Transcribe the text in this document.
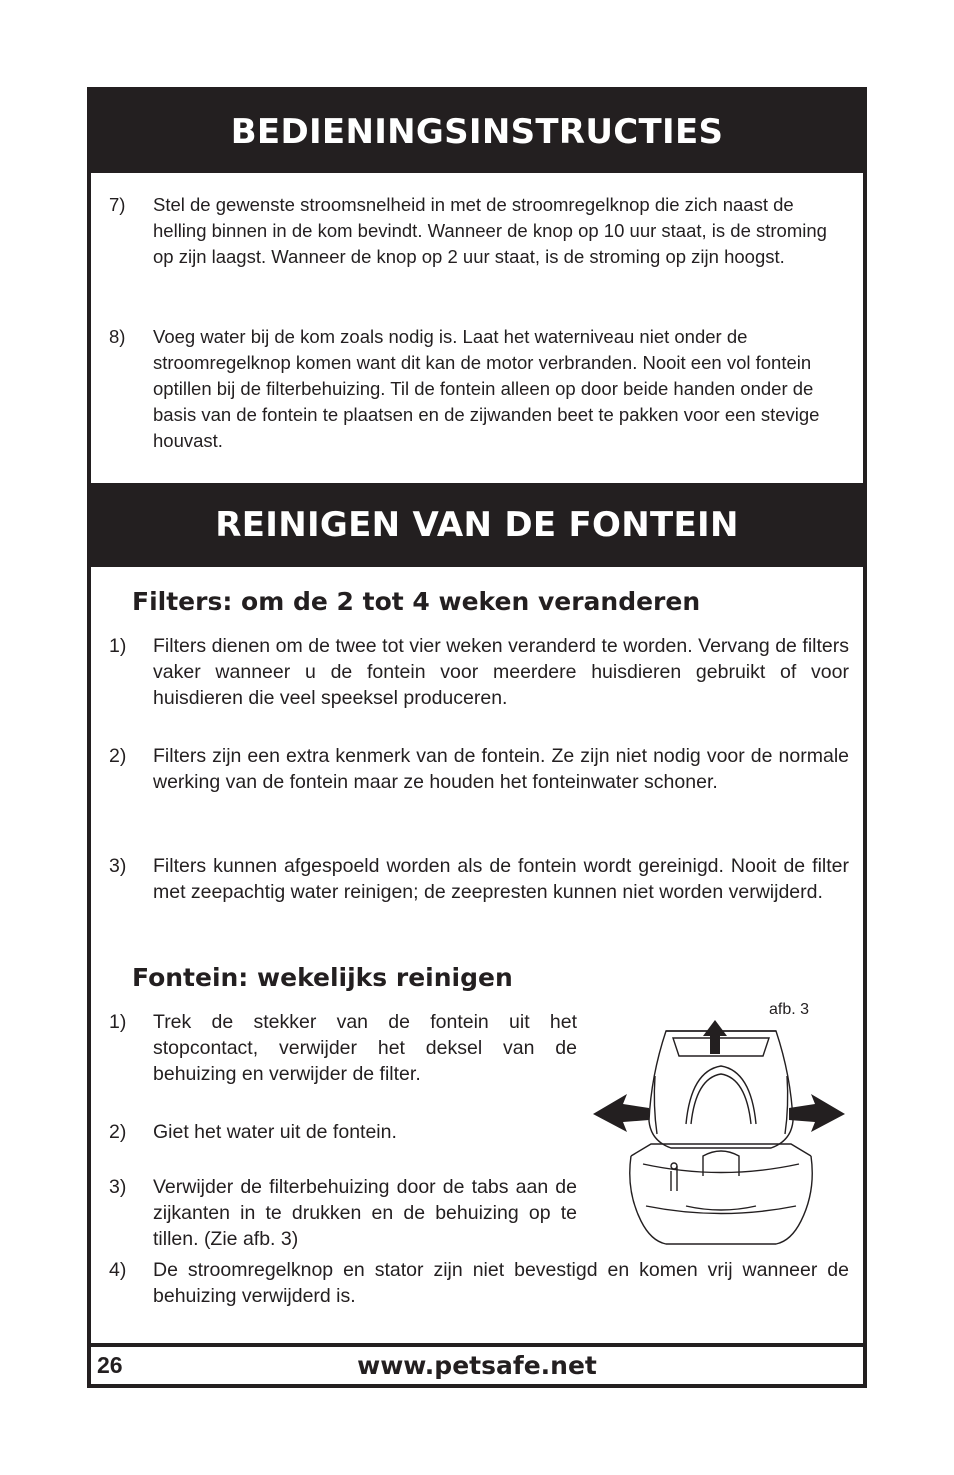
BEDIENINGSINSTRUCTIES
7)	Stel de gewenste stroomsnelheid in met de stroomregelknop die zich naast de helling binnen in de kom bevindt. Wanneer de knop op 10 uur staat, is de stroming op zijn laagst. Wanneer de knop op 2 uur staat, is de stroming op zijn hoogst.
8)	Voeg water bij de kom zoals nodig is. Laat het waterniveau niet onder de stroomregelknop komen want dit kan de motor verbranden. Nooit een vol fontein optillen bij de filterbehuizing. Til de fontein alleen op door beide handen onder de basis van de fontein te plaatsen en de zijwanden beet te pakken voor een stevige houvast.
REINIGEN VAN DE FONTEIN
Filters: om de 2 tot 4 weken veranderen
1)	Filters dienen om de twee tot vier weken veranderd te worden. Vervang de filters vaker wanneer u de fontein voor meerdere huisdieren gebruikt of voor huisdieren die veel speeksel produceren.
2)	Filters zijn een extra kenmerk van de fontein. Ze zijn niet nodig voor de normale werking van de fontein maar ze houden het fonteinwater schoner.
3)	Filters kunnen afgespoeld worden als de fontein wordt gereinigd. Nooit de filter met zeepachtig water reinigen; de zeepresten kunnen niet worden verwijderd.
Fontein: wekelijks reinigen
1)	Trek de stekker van de fontein uit het stopcontact, verwijder het deksel van de behuizing en verwijder de filter.
2)	Giet het water uit de fontein.
3)	Verwijder de filterbehuizing door de tabs aan de zijkanten in te drukken en de behuizing op te tillen. (Zie afb. 3)
4)	De stroomregelknop en stator zijn niet bevestigd en komen vrij wanneer de behuizing verwijderd is.
afb. 3
26	www.petsafe.net
